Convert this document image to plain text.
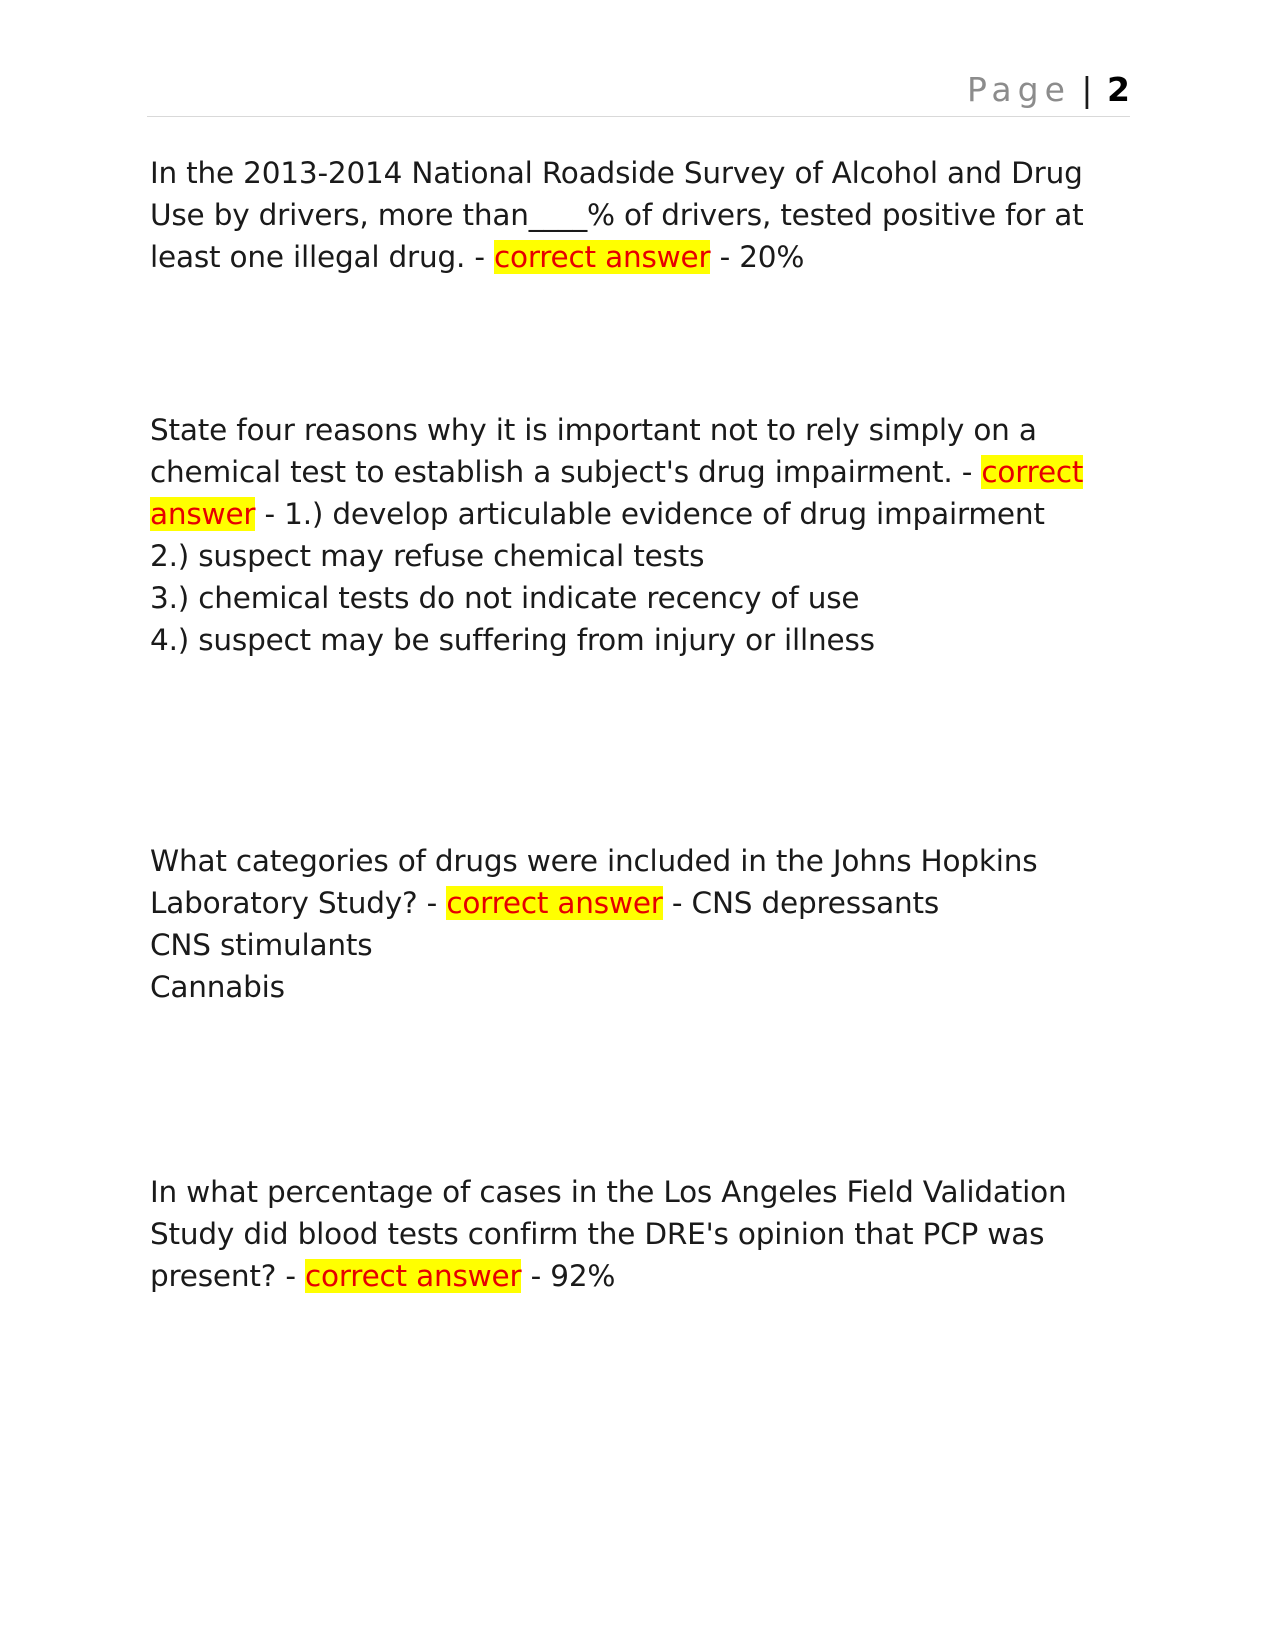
Page | 2

In the 2013-2014 National Roadside Survey of Alcohol and Drug Use by drivers, more than____% of drivers, tested positive for at least one illegal drug. - correct answer - 20%

State four reasons why it is important not to rely simply on a chemical test to establish a subject's drug impairment. - correct answer - 1.) develop articulable evidence of drug impairment

2.) suspect may refuse chemical tests

3.) chemical tests do not indicate recency of use

4.) suspect may be suffering from injury or illness

What categories of drugs were included in the Johns Hopkins Laboratory Study? - correct answer - CNS depressants

CNS stimulants

Cannabis

In what percentage of cases in the Los Angeles Field Validation Study did blood tests confirm the DRE's opinion that PCP was present? - correct answer - 92%
